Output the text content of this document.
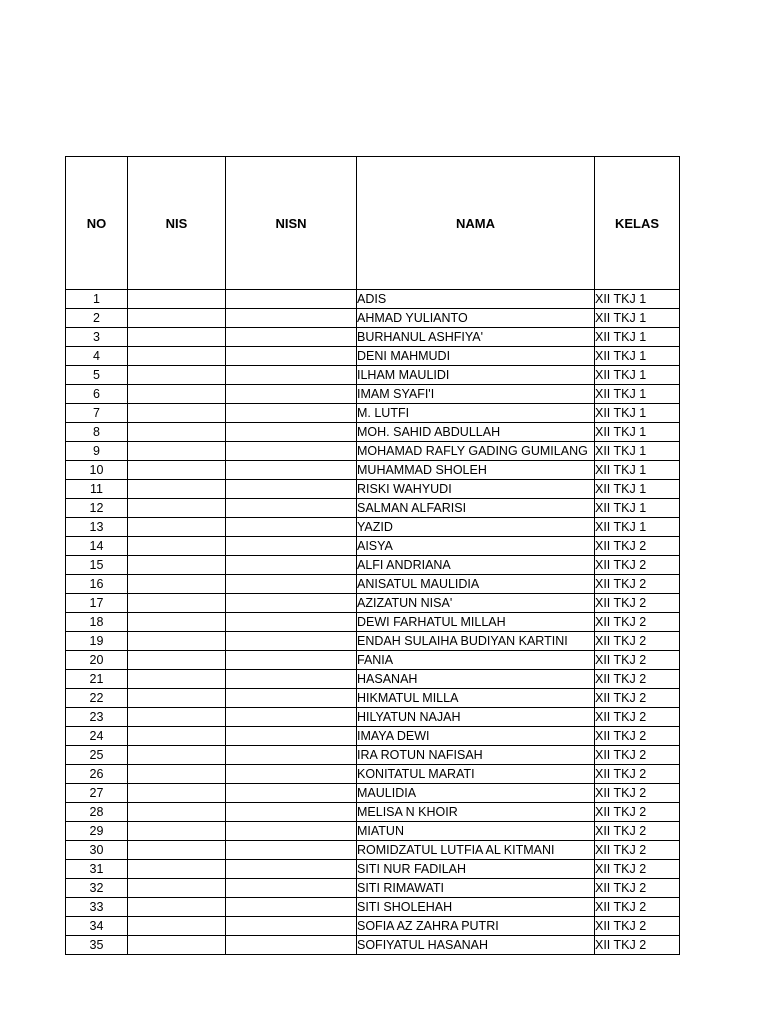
NO	NIS	NISN	NAMA	KELAS
1			ADIS	XII TKJ 1
2			AHMAD YULIANTO	XII TKJ 1
3			BURHANUL ASHFIYA'	XII TKJ 1
4			DENI MAHMUDI	XII TKJ 1
5			ILHAM MAULIDI	XII TKJ 1
6			IMAM SYAFI'I	XII TKJ 1
7			M. LUTFI	XII TKJ 1
8			MOH. SAHID ABDULLAH	XII TKJ 1
9			MOHAMAD RAFLY GADING GUMILANG	XII TKJ 1
10			MUHAMMAD SHOLEH	XII TKJ 1
11			RISKI WAHYUDI	XII TKJ 1
12			SALMAN ALFARISI	XII TKJ 1
13			YAZID	XII TKJ 1
14			AISYA	XII TKJ 2
15			ALFI ANDRIANA	XII TKJ 2
16			ANISATUL MAULIDIA	XII TKJ 2
17			AZIZATUN NISA'	XII TKJ 2
18			DEWI FARHATUL MILLAH	XII TKJ 2
19			ENDAH SULAIHA BUDIYAN KARTINI	XII TKJ 2
20			FANIA	XII TKJ 2
21			HASANAH	XII TKJ 2
22			HIKMATUL MILLA	XII TKJ 2
23			HILYATUN NAJAH	XII TKJ 2
24			IMAYA DEWI	XII TKJ 2
25			IRA ROTUN NAFISAH	XII TKJ 2
26			KONITATUL MARATI	XII TKJ 2
27			MAULIDIA	XII TKJ 2
28			MELISA N KHOIR	XII TKJ 2
29			MIATUN	XII TKJ 2
30			ROMIDZATUL LUTFIA AL KITMANI	XII TKJ 2
31			SITI NUR FADILAH	XII TKJ 2
32			SITI RIMAWATI	XII TKJ 2
33			SITI SHOLEHAH	XII TKJ 2
34			SOFIA AZ ZAHRA PUTRI	XII TKJ 2
35			SOFIYATUL HASANAH	XII TKJ 2
